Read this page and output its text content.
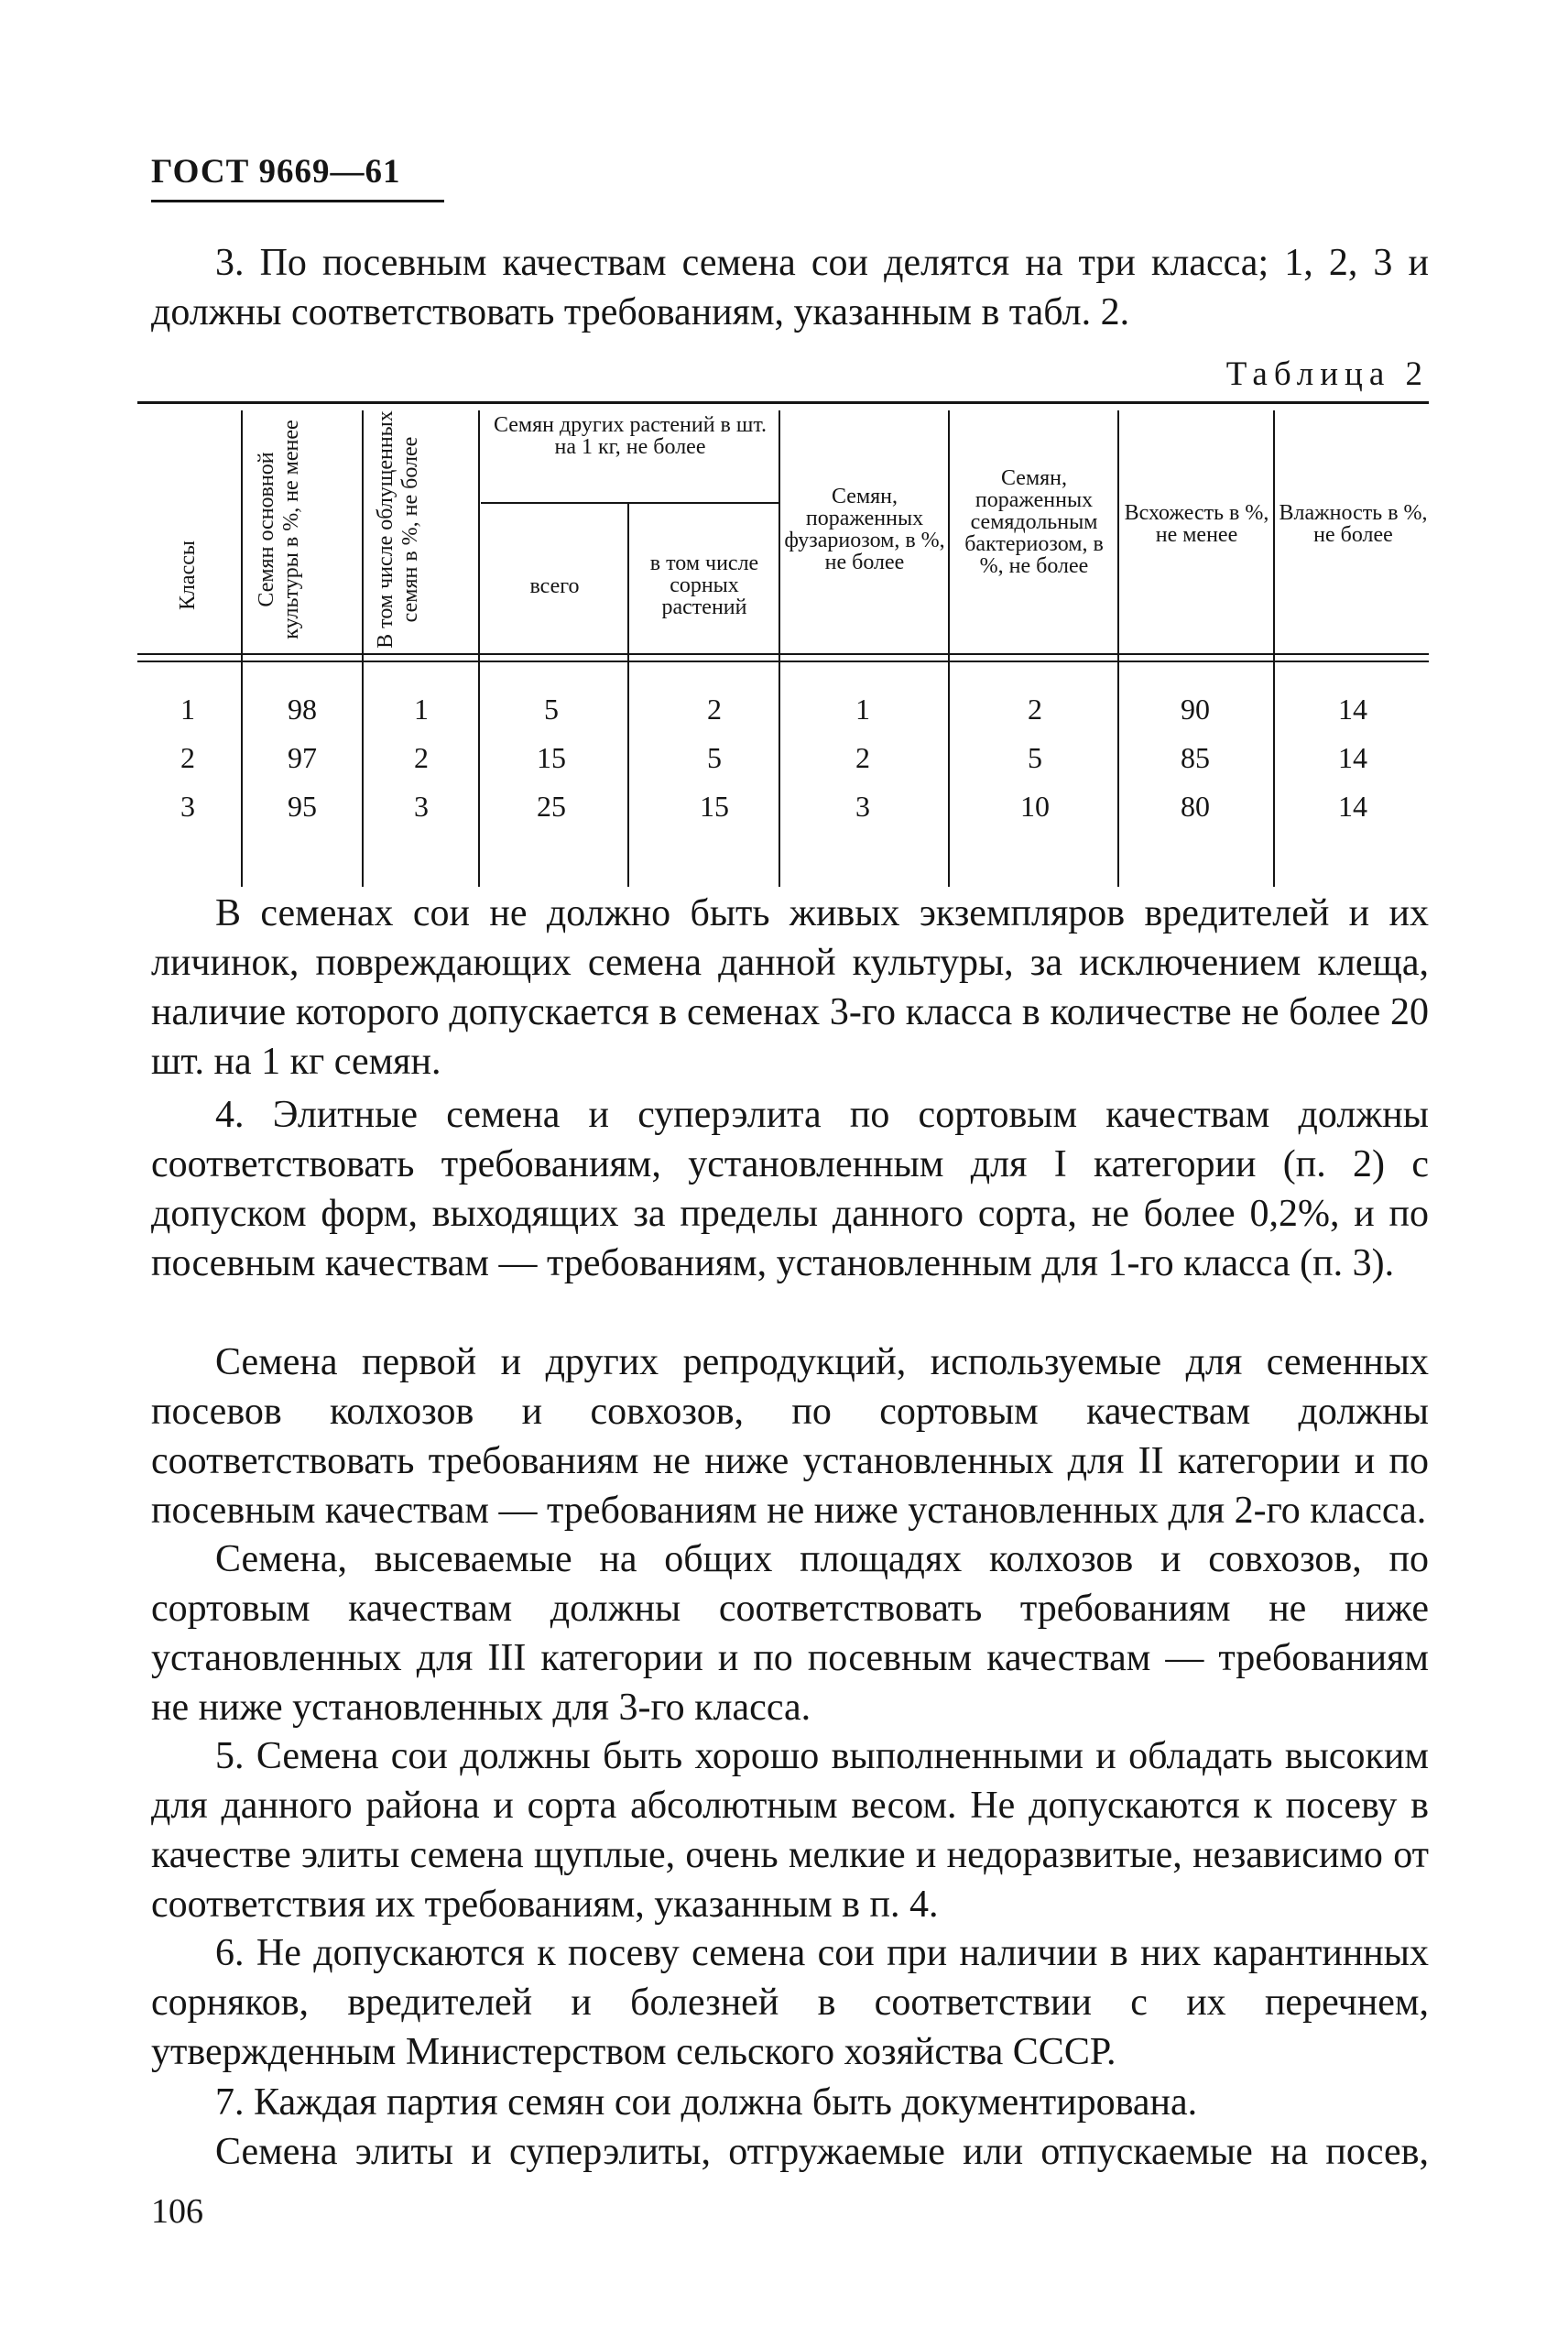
ГОСТ 9669—61
3. По посевным качествам семена сои делятся на три класса; 1, 2, 3 и должны соответствовать требованиям, указанным в табл. 2.
Таблица 2
Классы	Семян основной культуры в %, не менее	В том числе облущенных семян в %, не более
Семян других растений в шт. на 1 кг, не более
всего
в том числе сорных растений
Семян, пораженных фузариозом, в %, не более
Семян, пораженных семядольным бактериозом, в %, не более
Всхожесть в %, не менее
Влажность в %, не более
1	98	1	5	2	1	2	90	14
2	97	2	15	5	2	5	85	14
3	95	3	25	15	3	10	80	14
В семенах сои не должно быть живых экземпляров вредителей и их личинок, повреждающих семена данной культуры, за исключением клеща, наличие которого допускается в семенах 3-го класса в количестве не более 20 шт. на 1 кг семян.
4. Элитные семена и суперэлита по сортовым качествам должны соответствовать требованиям, установленным для I категории (п. 2) с допуском форм, выходящих за пределы данного сорта, не более 0,2%, и по посевным качествам — требованиям, установленным для 1-го класса (п. 3).
Семена первой и других репродукций, используемые для семенных посевов колхозов и совхозов, по сортовым качествам должны соответствовать требованиям не ниже установленных для II категории и по посевным качествам — требованиям не ниже установленных для 2-го класса.
Семена, высеваемые на общих площадях колхозов и совхозов, по сортовым качествам должны соответствовать требованиям не ниже установленных для III категории и по посевным качествам — требованиям не ниже установленных для 3-го класса.
5. Семена сои должны быть хорошо выполненными и обладать высоким для данного района и сорта абсолютным весом. Не допускаются к посеву в качестве элиты семена щуплые, очень мелкие и недоразвитые, независимо от соответствия их требованиям, указанным в п. 4.
6. Не допускаются к посеву семена сои при наличии в них карантинных сорняков, вредителей и болезней в соответствии с их перечнем, утвержденным Министерством сельского хозяйства СССР.
7. Каждая партия семян сои должна быть документирована.
Семена элиты и суперэлиты, отгружаемые или отпускаемые на посев,
106
